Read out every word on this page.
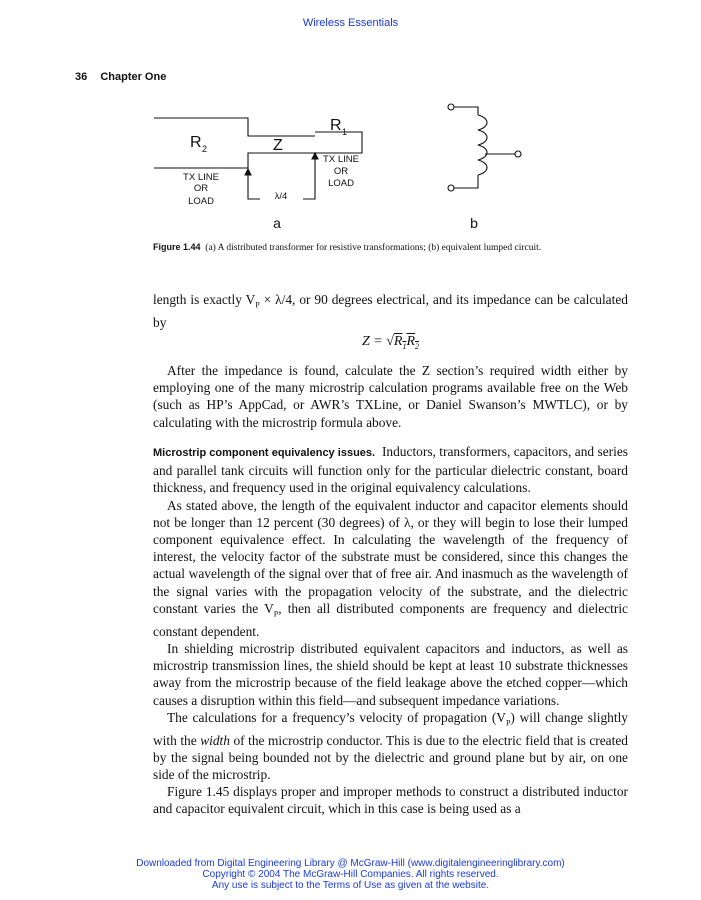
Wireless Essentials
36 Chapter One
R 2	Z
R 1
TX LINE
OR
LOAD
TX LINE
OR
LOAD
λ/4
a	b
Figure 1.44 (a) A distributed transformer for resistive transformations; (b) equivalent lumped circuit.

length is exactly $V_P \times \lambda/4$, or 90 degrees electrical, and its impedance can be calculated by

$Z = √R_1R_2$

After the impedance is found, calculate the Z section’s required width either by employing one of the many microstrip calculation programs available free on the Web (such as HP’s AppCad, or AWR’s TXLine, or Daniel Swanson’s MWTLC), or by calculating with the microstrip formula above.

Microstrip component equivalency issues. Inductors, transformers, capacitors, and series and parallel tank circuits will function only for the particular dielectric constant, board thickness, and frequency used in the original equivalency calculations.

As stated above, the length of the equivalent inductor and capacitor elements should not be longer than 12 percent (30 degrees) of λ, or they will begin to lose their lumped component equivalence effect. In calculating the wavelength of the frequency of interest, the velocity factor of the substrate must be considered, since this changes the actual wavelength of the signal over that of free air. And inasmuch as the wavelength of the signal varies with the propagation velocity of the substrate, and the dielectric constant varies the $V_P$, then all distributed components are frequency and dielectric constant dependent.

In shielding microstrip distributed equivalent capacitors and inductors, as well as microstrip transmission lines, the shield should be kept at least 10 substrate thicknesses away from the microstrip because of the field leakage above the etched copper—which causes a disruption within this field—and subsequent impedance variations.

The calculations for a frequency’s velocity of propagation $(V_P)$ will change slightly with the width of the microstrip conductor. This is due to the electric field that is created by the signal being bounded not by the dielectric and ground plane but by air, on one side of the microstrip.

Figure 1.45 displays proper and improper methods to construct a distributed inductor and capacitor equivalent circuit, which in this case is being used as a

Downloaded from Digital Engineering Library @ McGraw-Hill (www.digitalengineeringlibrary.com)
Copyright © 2004 The McGraw-Hill Companies. All rights reserved.
Any use is subject to the Terms of Use as given at the website.
